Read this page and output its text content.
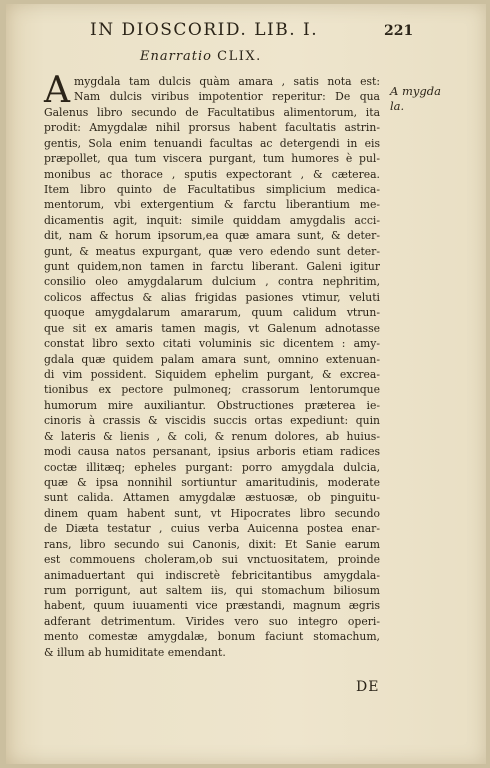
IN DIOSCORID. LIB. I.	221
Enarratio CLIX.
A mygda
la.
A mygdala tam dulcis quàm amara , satis nota est:
Nam dulcis viribus impotentior reperitur: De qua
Galenus libro secundo de Facultatibus alimentorum, ita
prodit: Amygdalæ nihil prorsus habent facultatis astrin-
gentis, Sola enim tenuandi facultas ac detergendi in eis
præpollet, qua tum viscera purgant, tum humores è pul-
monibus ac thorace , sputis expectorant , & cæterea.
Item libro quinto de Facultatibus simplicium medica-
mentorum, vbi extergentium & farctu liberantium me-
dicamentis agit, inquit: simile quiddam amygdalis acci-
dit, nam & horum ipsorum,ea quæ amara sunt, & deter-
gunt, & meatus expurgant, quæ vero edendo sunt deter-
gunt quidem,non tamen in farctu liberant. Galeni igitur
consilio oleo amygdalarum dulcium , contra nephritim,
colicos affectus & alias frigidas pasiones vtimur, veluti
quoque amygdalarum amararum, quum calidum vtrun-
que sit ex amaris tamen magis, vt Galenum adnotasse
constat libro sexto citati voluminis sic dicentem : amy-
gdala quæ quidem palam amara sunt, omnino extenuan-
di vim possident. Siquidem ephelim purgant, & excrea-
tionibus ex pectore pulmoneq; crassorum lentorumque
humorum mire auxiliantur. Obstructiones præterea ie-
cinoris à crassis & viscidis succis ortas expediunt: quin
& lateris & lienis , & coli, & renum dolores, ab huius-
modi causa natos persanant, ipsius arboris etiam radices
coctæ illitæq; epheles purgant: porro amygdala dulcia,
quæ & ipsa nonnihil sortiuntur amaritudinis, moderate
sunt calida. Attamen amygdalæ æstuosæ, ob pinguitu-
dinem quam habent sunt, vt Hipocrates libro secundo
de Diæta testatur , cuius verba Auicenna postea enar-
rans, libro secundo sui Canonis, dixit: Et Sanie earum
est commouens choleram,ob sui vnctuositatem, proinde
animaduertant qui indiscretè febricitantibus amygdala-
rum porrigunt, aut saltem iis, qui stomachum biliosum
habent, quum iuuamenti vice præstandi, magnum ægris
adferant detrimentum. Virides vero suo integro operi-
mento comestæ amygdalæ, bonum faciunt stomachum,
& illum ab humiditate emendant.
DE
